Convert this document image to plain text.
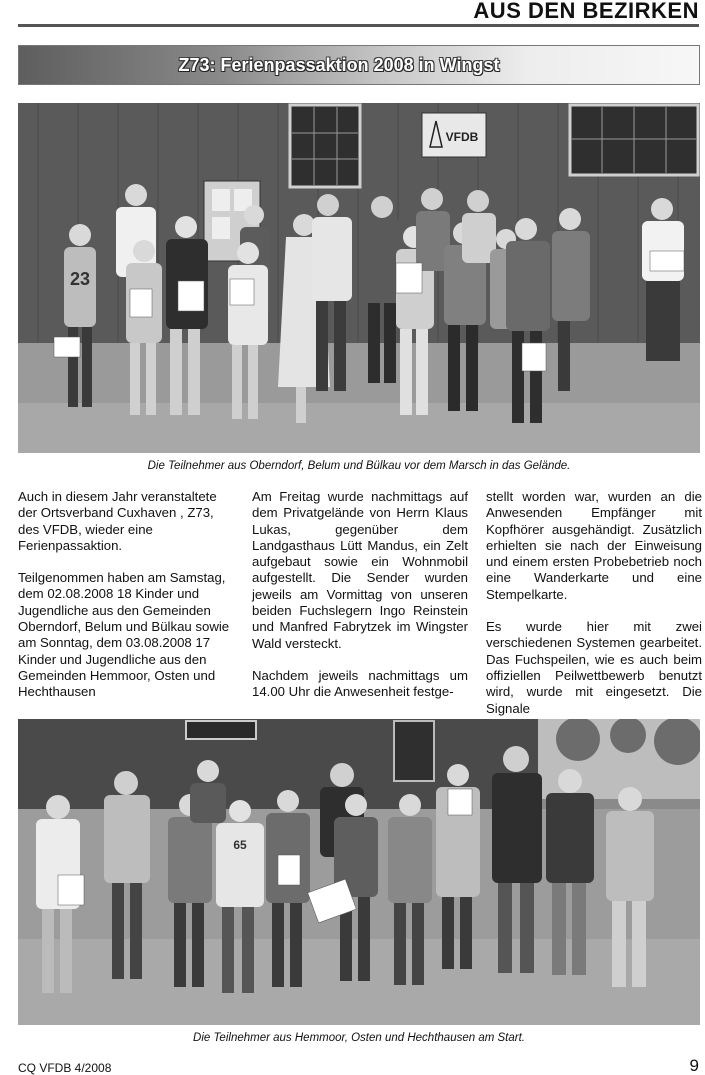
AUS DEN BEZIRKEN
Z73: Ferienpassaktion 2008 in Wingst
VFDB
23
Die Teilnehmer aus Oberndorf, Belum und Bülkau vor dem Marsch in das Gelände.

Auch in diesem Jahr veranstaltete der Ortsverband Cuxhaven , Z73, des VFDB, wieder eine Ferienpassaktion.

Teilgenommen haben am Samstag, dem 02.08.2008 18 Kinder und Jugendliche aus den Gemeinden Oberndorf, Belum und Bülkau sowie am Sonntag, dem 03.08.2008 17 Kinder und Jugendliche aus den Gemeinden Hemmoor, Osten und Hechthausen

Am Freitag wurde nachmittags auf dem Privatgelände von Herrn Klaus Lukas, gegenüber dem Landgasthaus Lütt Mandus, ein Zelt aufgebaut sowie ein Wohnmobil aufgestellt. Die Sender wurden jeweils am Vormittag von unseren beiden Fuchslegern Ingo Reinstein und Manfred Fabrytzek im Wingster Wald versteckt.

Nachdem jeweils nachmittags um 14.00 Uhr die Anwesenheit festge-

stellt worden war, wurden an die Anwesenden Empfänger mit Kopfhörer ausgehändigt. Zusätzlich erhielten sie nach der Einweisung und einem ersten Probebetrieb noch eine Wanderkarte und eine Stempelkarte.

Es wurde hier mit zwei verschiedenen Systemen gearbeitet. Das Fuchspeilen, wie es auch beim offiziellen Peilwettbewerb benutzt wird, wurde mit eingesetzt. Die Signale

65
Die Teilnehmer aus Hemmoor, Osten und Hechthausen am Start.
CQ VFDB 4/2008	9
